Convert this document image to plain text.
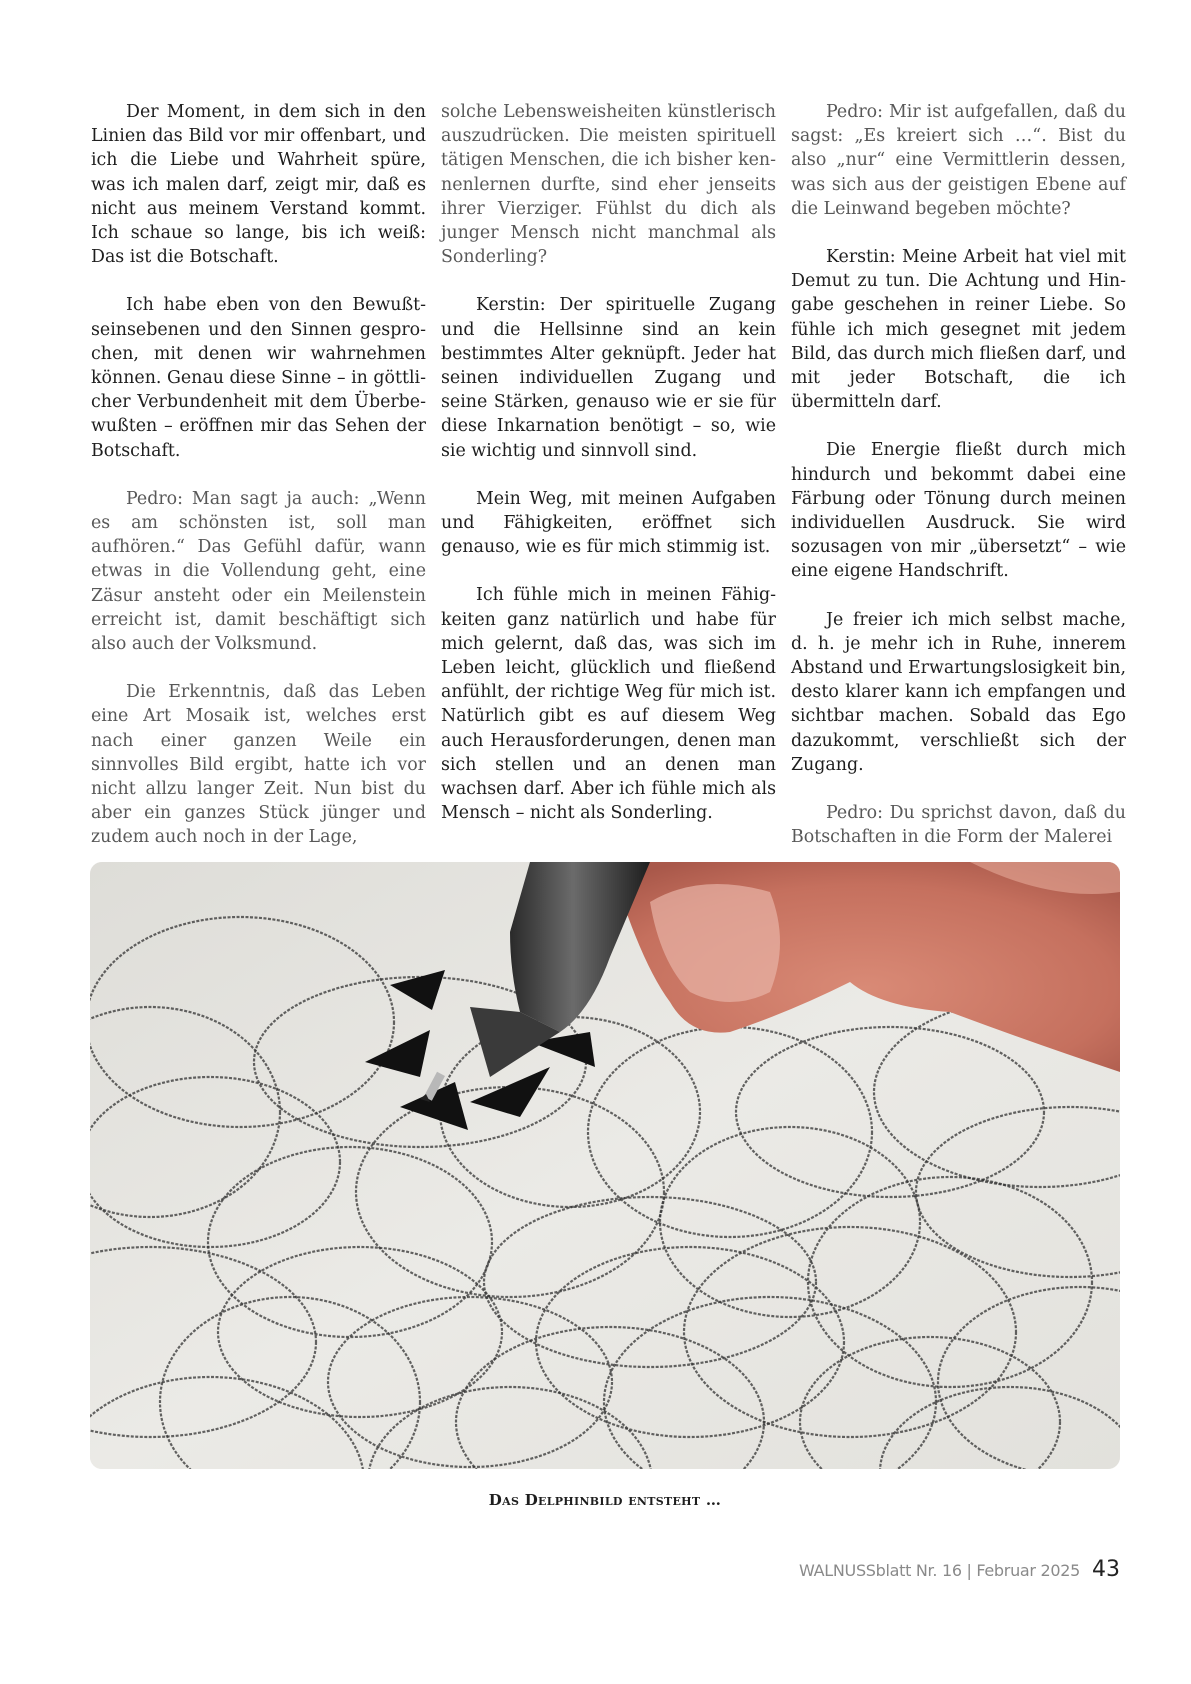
Der Moment, in dem sich in den Linien das Bild vor mir offenbart, und ich die Liebe und Wahrheit spüre, was ich malen darf, zeigt mir, daß es nicht aus meinem Verstand kommt. Ich schaue so lange, bis ich weiß: Das ist die Botschaft.

Ich habe eben von den Bewußtseinsebenen und den Sinnen gesprochen, mit denen wir wahrnehmen können. Genau diese Sinne – in göttlicher Verbundenheit mit dem Überbewußten – eröffnen mir das Sehen der Botschaft.

Pedro: Man sagt ja auch: „Wenn es am schönsten ist, soll man aufhören.“ Das Gefühl dafür, wann etwas in die Vollendung geht, eine Zäsur ansteht oder ein Meilenstein erreicht ist, damit beschäftigt sich also auch der Volksmund.

Die Erkenntnis, daß das Leben eine Art Mosaik ist, welches erst nach einer ganzen Weile ein sinnvolles Bild ergibt, hatte ich vor nicht allzu langer Zeit. Nun bist du aber ein ganzes Stück jünger und zudem auch noch in der Lage,

solche Lebensweisheiten künstlerisch auszudrücken. Die meisten spirituell tätigen Menschen, die ich bisher kennenlernen durfte, sind eher jenseits ihrer Vierziger. Fühlst du dich als junger Mensch nicht manchmal als Sonderling?

Kerstin: Der spirituelle Zugang und die Hellsinne sind an kein bestimmtes Alter geknüpft. Jeder hat seinen individuellen Zugang und seine Stärken, genauso wie er sie für diese Inkarnation benötigt – so, wie sie wichtig und sinnvoll sind.

Mein Weg, mit meinen Aufgaben und Fähigkeiten, eröffnet sich genauso, wie es für mich stimmig ist.

Ich fühle mich in meinen Fähigkeiten ganz natürlich und habe für mich gelernt, daß das, was sich im Leben leicht, glücklich und fließend anfühlt, der richtige Weg für mich ist. Natürlich gibt es auf diesem Weg auch Herausforderungen, denen man sich stellen und an denen man wachsen darf. Aber ich fühle mich als Mensch – nicht als Sonderling.

Pedro: Mir ist aufgefallen, daß du sagst: „Es kreiert sich …“. Bist du also „nur“ eine Vermittlerin dessen, was sich aus der geistigen Ebene auf die Leinwand begeben möchte?

Kerstin: Meine Arbeit hat viel mit Demut zu tun. Die Achtung und Hingabe geschehen in reiner Liebe. So fühle ich mich gesegnet mit jedem Bild, das durch mich fließen darf, und mit jeder Botschaft, die ich übermitteln darf.

Die Energie fließt durch mich hindurch und bekommt dabei eine Färbung oder Tönung durch meinen individuellen Ausdruck. Sie wird sozusagen von mir „übersetzt“ – wie eine eigene Handschrift.

Je freier ich mich selbst mache, d. h. je mehr ich in Ruhe, innerem Abstand und Erwartungslosigkeit bin, desto klarer kann ich empfangen und sichtbar machen. Sobald das Ego dazukommt, verschließt sich der Zugang.

Pedro: Du sprichst davon, daß du Botschaften in die Form der Malerei

Das Delphinbild entsteht …
WALNUSSblatt Nr. 16 | Februar 2025 43
